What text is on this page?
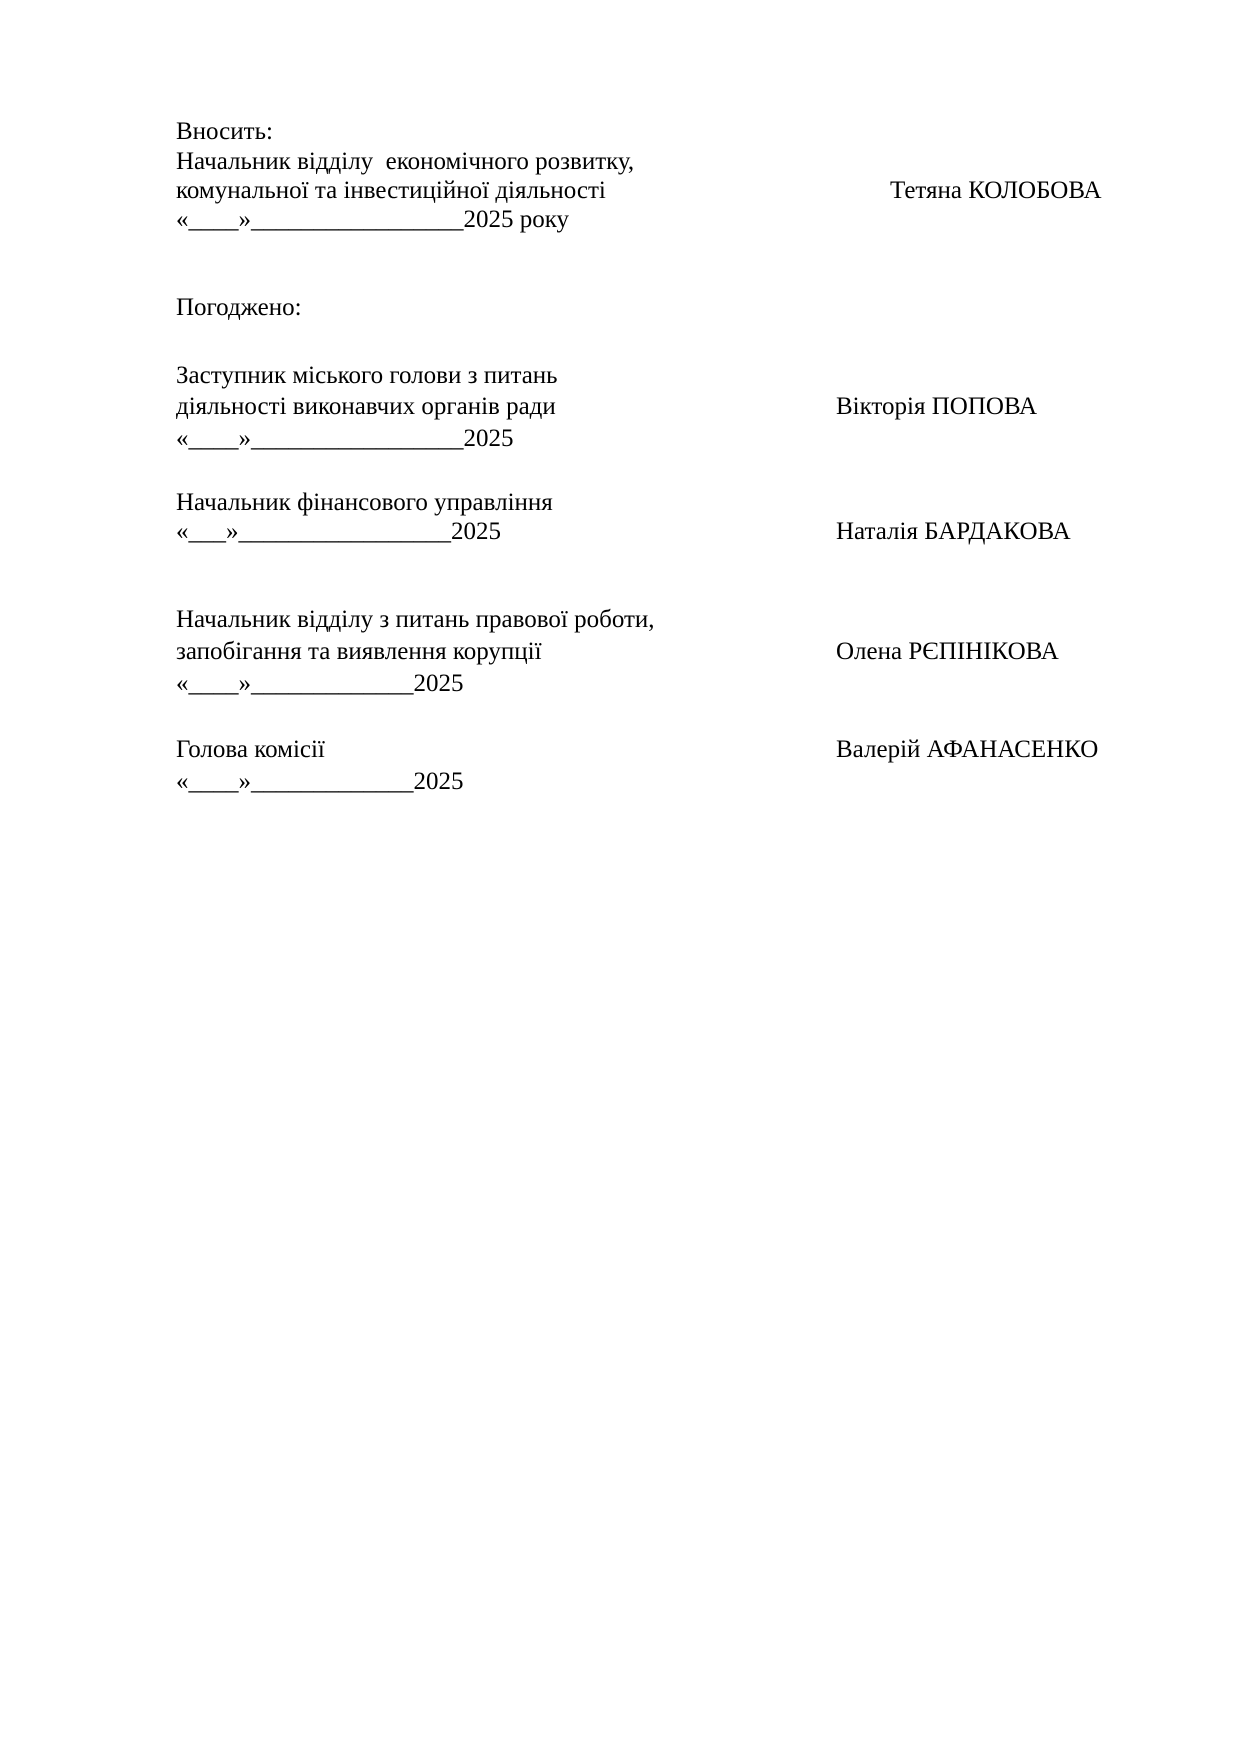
Вносить:
Начальник відділу  економічного розвитку,
комунальної та інвестиційної діяльності	Тетяна КОЛОБОВА
«____»_________________2025 року
Погоджено:
Заступник міського голови з питань
діяльності виконавчих органів ради	Вікторія ПОПОВА
«____»_________________2025
Начальник фінансового управління
«___»_________________2025	Наталія БАРДАКОВА
Начальник відділу з питань правової роботи,
запобігання та виявлення корупції	Олена РЄПІНІКОВА
«____»_____________2025
Голова комісії	Валерій АФАНАСЕНКО
«____»_____________2025
